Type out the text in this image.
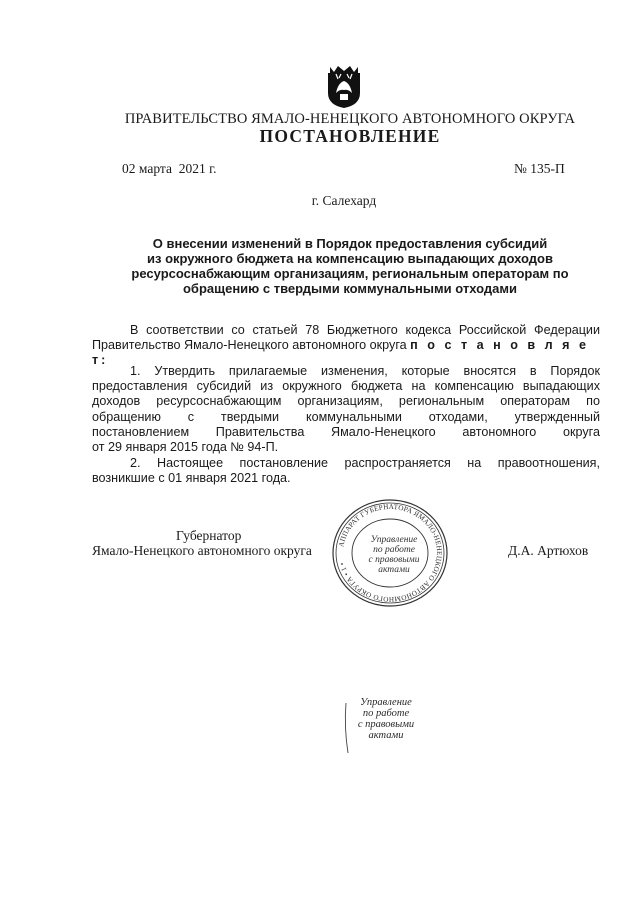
ПРАВИТЕЛЬСТВО ЯМАЛО-НЕНЕЦКОГО АВТОНОМНОГО ОКРУГА
ПОСТАНОВЛЕНИЕ
02 марта  2021 г.	№ 135-П
г. Салехард
О внесении изменений в Порядок предоставления субсидий
из окружного бюджета на компенсацию выпадающих доходов
ресурсоснабжающим организациям, региональным операторам по
обращению с твердыми коммунальными отходами
В соответствии со статьей 78 Бюджетного кодекса Российской Федерации
Правительство Ямало-Ненецкого автономного округа п о с т а н о в л я е т:
1. Утвердить прилагаемые изменения, которые вносятся в Порядок
предоставления субсидий из окружного бюджета на компенсацию выпадающих
доходов ресурсоснабжающим организациям, региональным операторам по
обращению с твердыми коммунальными отходами, утвержденный
постановлением Правительства Ямало-Ненецкого автономного округа
от 29 января 2015 года № 94-П.
2. Настоящее постановление распространяется на правоотношения,
возникшие с 01 января 2021 года.
Губернатор
Ямало-Ненецкого автономного округа	Д.А. Артюхов
АППАРАТ ГУБЕРНАТОРА ЯМАЛО-НЕНЕЦКОГО АВТОНОМНОГО ОКРУГА • 1 •
Управление
по работе
с правовыми
актами
Управление
по работе
с правовыми
актами
